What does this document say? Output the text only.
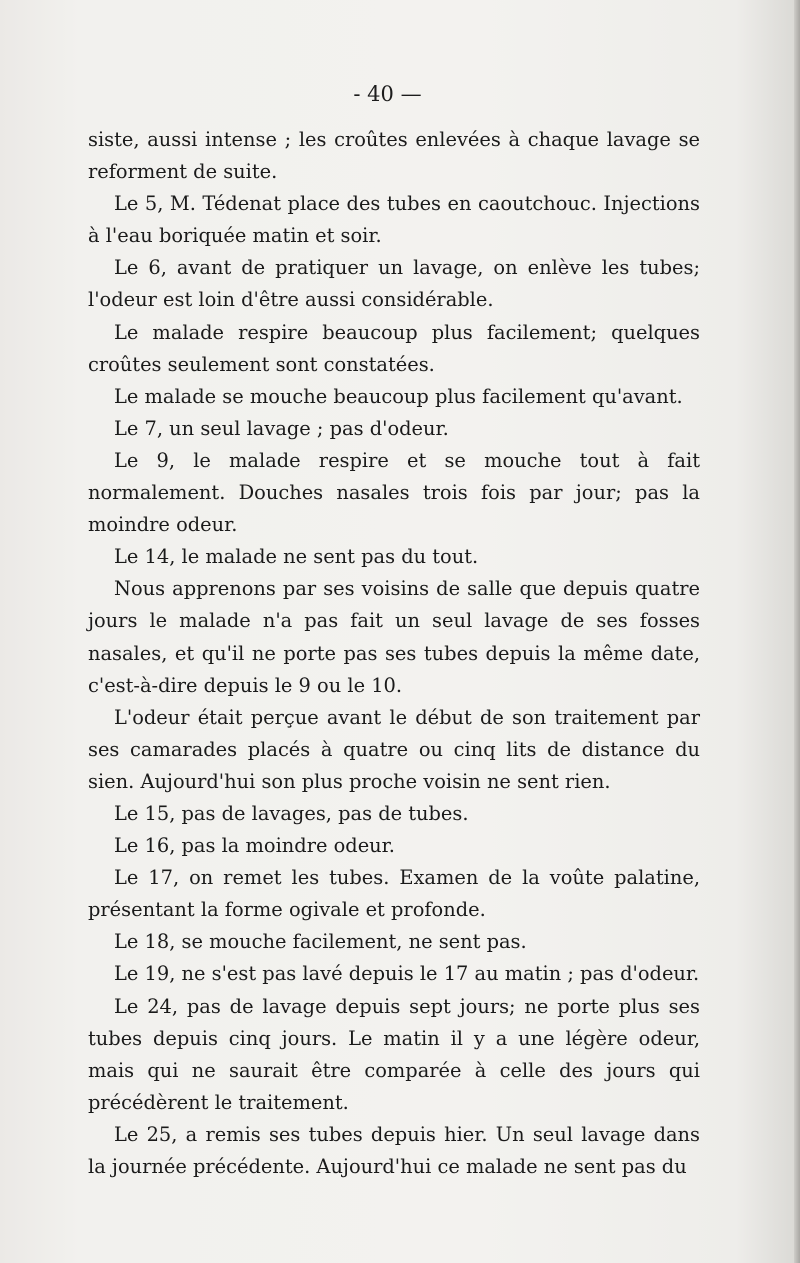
- 40 —

siste, aussi intense ; les croûtes enlevées à chaque lavage se reforment de suite.

Le 5, M. Tédenat place des tubes en caoutchouc. Injections à l'eau boriquée matin et soir.

Le 6, avant de pratiquer un lavage, on enlève les tubes; l'odeur est loin d'être aussi considérable.

Le malade respire beaucoup plus facilement; quelques croûtes seulement sont constatées.

Le malade se mouche beaucoup plus facilement qu'avant.

Le 7, un seul lavage ; pas d'odeur.

Le 9, le malade respire et se mouche tout à fait normalement. Douches nasales trois fois par jour; pas la moindre odeur.

Le 14, le malade ne sent pas du tout.

Nous apprenons par ses voisins de salle que depuis quatre jours le malade n'a pas fait un seul lavage de ses fosses nasales, et qu'il ne porte pas ses tubes depuis la même date, c'est-à-dire depuis le 9 ou le 10.

L'odeur était perçue avant le début de son traitement par ses camarades placés à quatre ou cinq lits de distance du sien. Aujourd'hui son plus proche voisin ne sent rien.

Le 15, pas de lavages, pas de tubes.

Le 16, pas la moindre odeur.

Le 17, on remet les tubes. Examen de la voûte palatine, présentant la forme ogivale et profonde.

Le 18, se mouche facilement, ne sent pas.

Le 19, ne s'est pas lavé depuis le 17 au matin ; pas d'odeur.

Le 24, pas de lavage depuis sept jours; ne porte plus ses tubes depuis cinq jours. Le matin il y a une légère odeur, mais qui ne saurait être comparée à celle des jours qui précédèrent le traitement.

Le 25, a remis ses tubes depuis hier. Un seul lavage dans la journée précédente. Aujourd'hui ce malade ne sent pas du
